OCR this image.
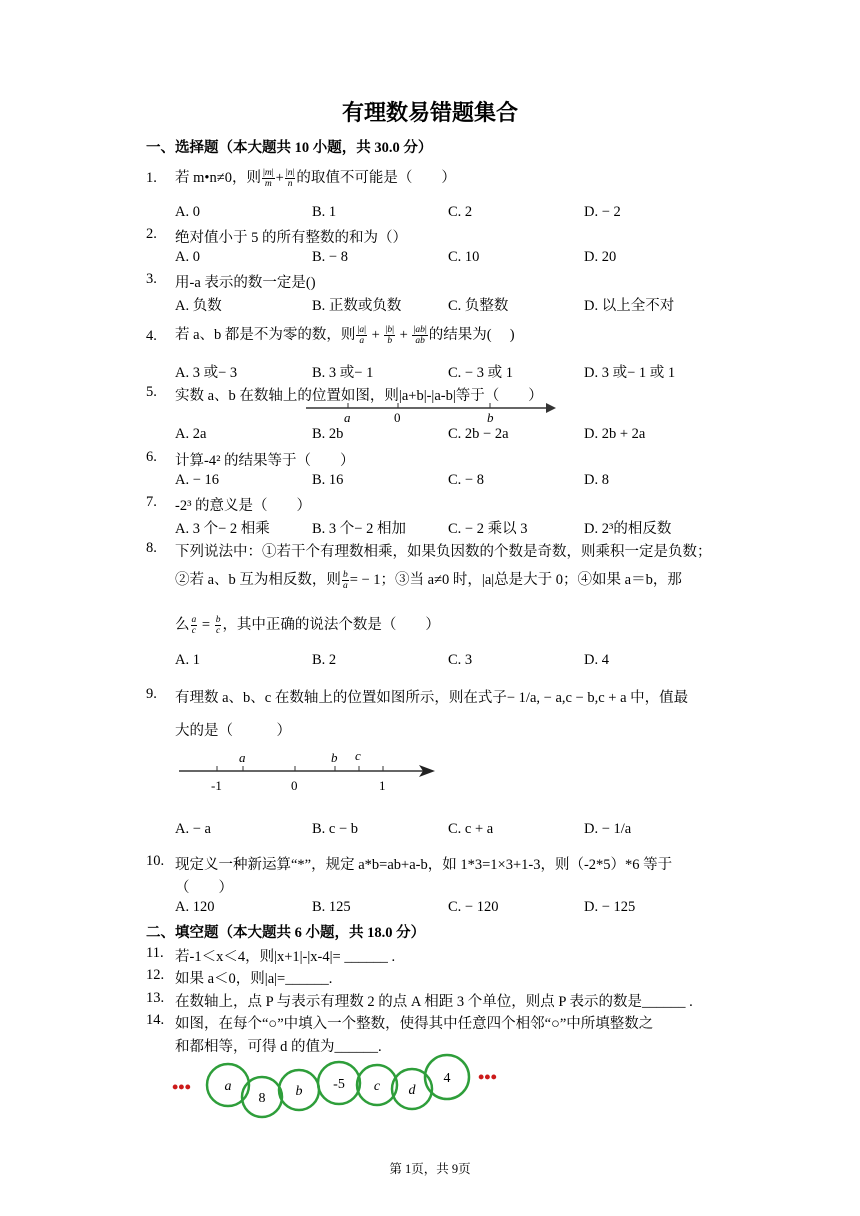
有理数易错题集合
一、选择题（本大题共 10 小题，共 30.0 分）
1. 若 m•n≠0，则 $\frac{|m|}{m} + \frac{|n|}{n}$ 的取值不可能是（　　）
A. 0	B. 1	C. 2	D. − 2
2. 绝对值小于 5 的所有整数的和为（）
A. 0	B. − 8	C. 10	D. 20
3. 用-a 表示的数一定是()
A. 负数	B. 正数或负数	C. 负整数	D. 以上全不对
4. 若 a、b 都是不为零的数，则 $\frac{|a|}{a} + \frac{|b|}{b} + \frac{|ab|}{ab}$ 的结果为(　 )
A. 3 或− 3	B. 3 或− 1	C. − 3 或 1	D. 3 或− 1 或 1
5. 实数 a、b 在数轴上的位置如图，则|a+b|-|a-b|等于（　　）
a	0	b
A. 2a	B. 2b	C. 2b − 2a	D. 2b + 2a
6. 计算-4² 的结果等于（　　）
A. − 16	B. 16	C. − 8	D. 8
7. -2³ 的意义是（　　）
A. 3 个− 2 相乘	B. 3 个− 2 相加	C. − 2 乘以 3	D. 2³的相反数
8. 下列说法中：①若干个有理数相乘，如果负因数的个数是奇数，则乘积一定是负数；
②若 a、b 互为相反数，则 $\frac{b}{a}$ = − 1；③当 a≠0 时，|a|总是大于 0；④如果 a＝b，那
么 $\frac{a}{c} = \frac{b}{c}$ ，其中正确的说法个数是（　　）
A. 1	B. 2	C. 3	D. 4
9. 有理数 a、b、c 在数轴上的位置如图所示，则在式子− 1/a, − a,c − b,c + a 中，值最
大的是（　　　）
a	b c
-1	0	1
A. − a	B. c − b	C. c + a	D. − 1/a
10. 现定义一种新运算“*”，规定 a*b=ab+a-b，如 1*3=1×3+1-3，则（-2*5）*6 等于
（　　）
A. 120	B. 125	C. − 120	D. − 125
二、填空题（本大题共 6 小题，共 18.0 分）
11. 若-1＜x＜4，则|x+1|-|x-4|= ______ .
12. 如果 a＜0，则|a|=______.
13. 在数轴上，点 P 与表示有理数 2 的点 A 相距 3 个单位，则点 P 表示的数是______ .
14. 如图，在每个“○”中填入一个整数，使得其中任意四个相邻“○”中所填整数之
和都相等，可得 d 的值为______.
•••	•••
a
8 b -5 c d
4
第 1页，共 9页
